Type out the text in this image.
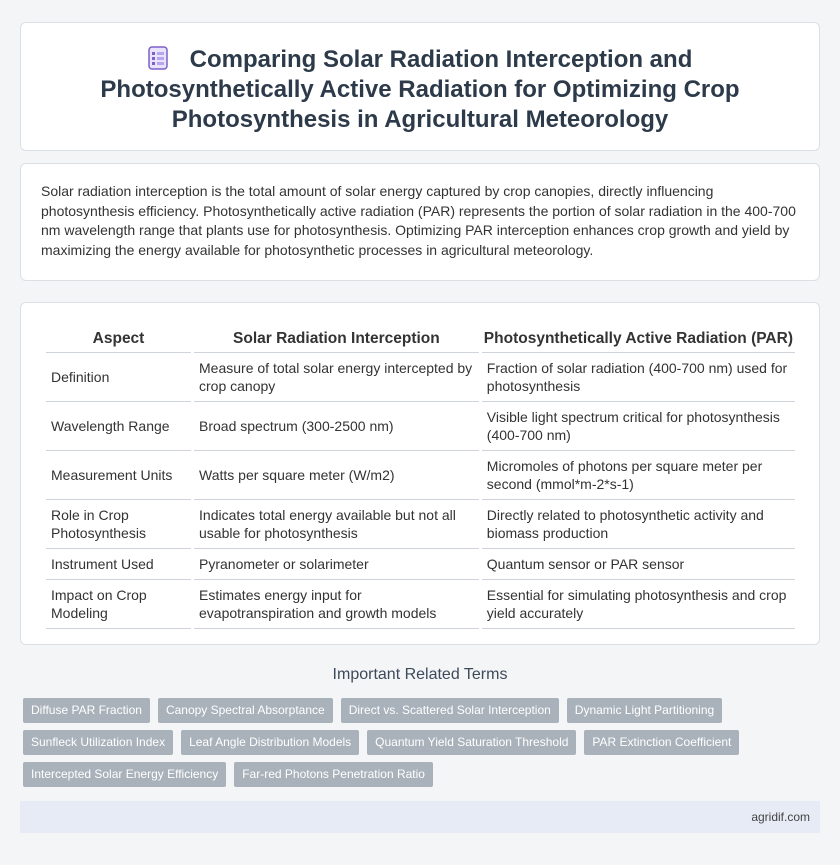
Comparing Solar Radiation Interception and Photosynthetically Active Radiation for Optimizing Crop Photosynthesis in Agricultural Meteorology

Solar radiation interception is the total amount of solar energy captured by crop canopies, directly influencing photosynthesis efficiency. Photosynthetically active radiation (PAR) represents the portion of solar radiation in the 400-700 nm wavelength range that plants use for photosynthesis. Optimizing PAR interception enhances crop growth and yield by maximizing the energy available for photosynthetic processes in agricultural meteorology.

Aspect	Solar Radiation Interception	Photosynthetically Active Radiation (PAR)
Definition	Measure of total solar energy intercepted by crop canopy	Fraction of solar radiation (400-700 nm) used for photosynthesis
Wavelength Range	Broad spectrum (300-2500 nm)	Visible light spectrum critical for photosynthesis (400-700 nm)
Measurement Units	Watts per square meter (W/m2)	Micromoles of photons per square meter per second (mmol*m-2*s-1)
Role in Crop Photosynthesis	Indicates total energy available but not all usable for photosynthesis	Directly related to photosynthetic activity and biomass production
Instrument Used	Pyranometer or solarimeter	Quantum sensor or PAR sensor
Impact on Crop Modeling	Estimates energy input for evapotranspiration and growth models	Essential for simulating photosynthesis and crop yield accurately
Important Related Terms
Diffuse PAR Fraction	Canopy Spectral Absorptance	Direct vs. Scattered Solar Interception	Dynamic Light Partitioning
Sunfleck Utilization Index	Leaf Angle Distribution Models	Quantum Yield Saturation Threshold	PAR Extinction Coefficient
Intercepted Solar Energy Efficiency	Far-red Photons Penetration Ratio
agridif.com
